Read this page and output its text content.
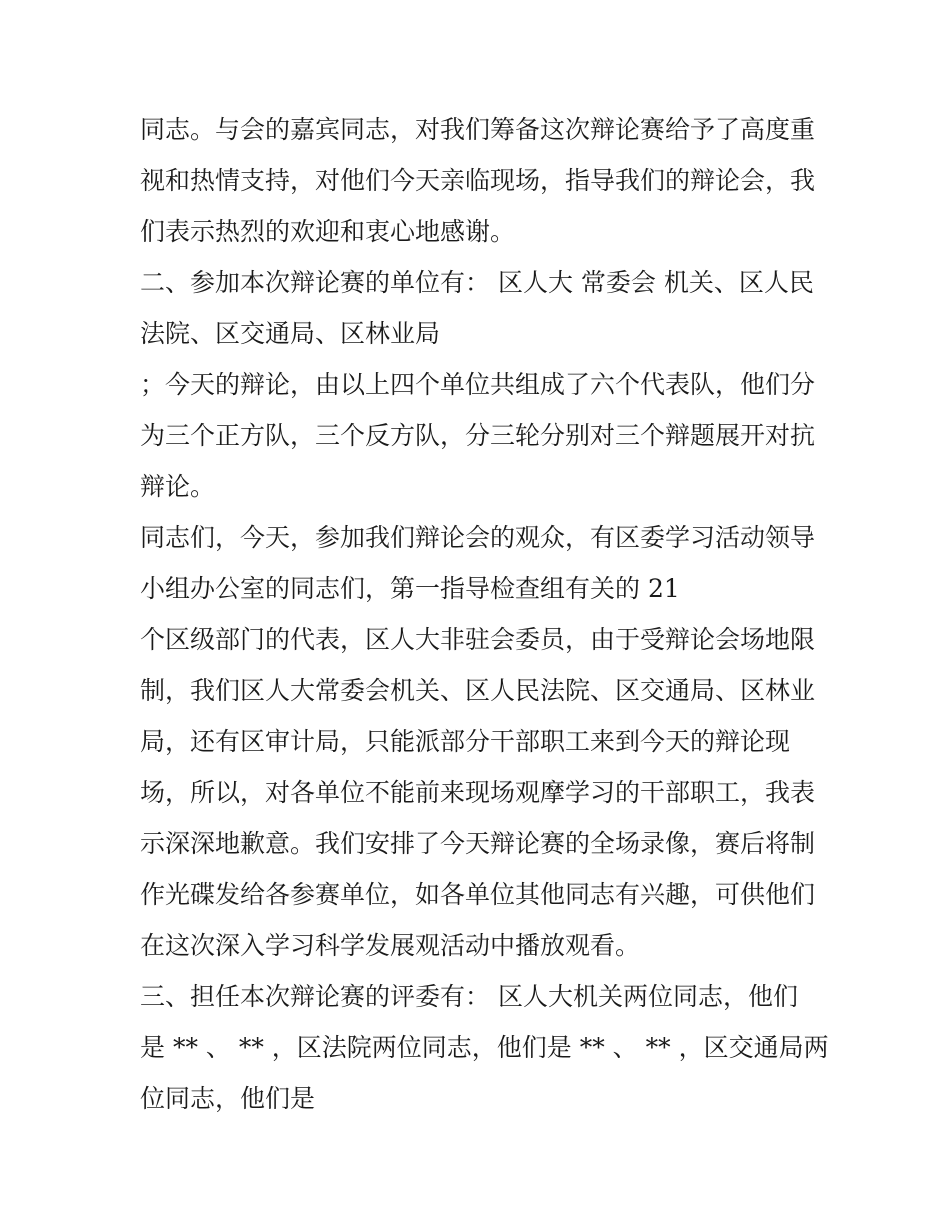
同志。与会的嘉宾同志，对我们筹备这次辩论赛给予了高度重
视和热情支持，对他们今天亲临现场，指导我们的辩论会，我
们表示热烈的欢迎和衷心地感谢。
二、参加本次辩论赛的单位有： 区人大 常委会 机关、区人民
法院、区交通局、区林业局
；今天的辩论，由以上四个单位共组成了六个代表队，他们分
为三个正方队，三个反方队，分三轮分别对三个辩题展开对抗
辩论。
同志们，今天，参加我们辩论会的观众，有区委学习活动领导
小组办公室的同志们，第一指导检查组有关的 21
个区级部门的代表，区人大非驻会委员，由于受辩论会场地限
制，我们区人大常委会机关、区人民法院、区交通局、区林业
局，还有区审计局，只能派部分干部职工来到今天的辩论现
场，所以，对各单位不能前来现场观摩学习的干部职工，我表
示深深地歉意。我们安排了今天辩论赛的全场录像，赛后将制
作光碟发给各参赛单位，如各单位其他同志有兴趣，可供他们
在这次深入学习科学发展观活动中播放观看。
三、担任本次辩论赛的评委有： 区人大机关两位同志，他们
是 ** 、 ** ，区法院两位同志，他们是 ** 、 ** ，区交通局两
位同志，他们是
